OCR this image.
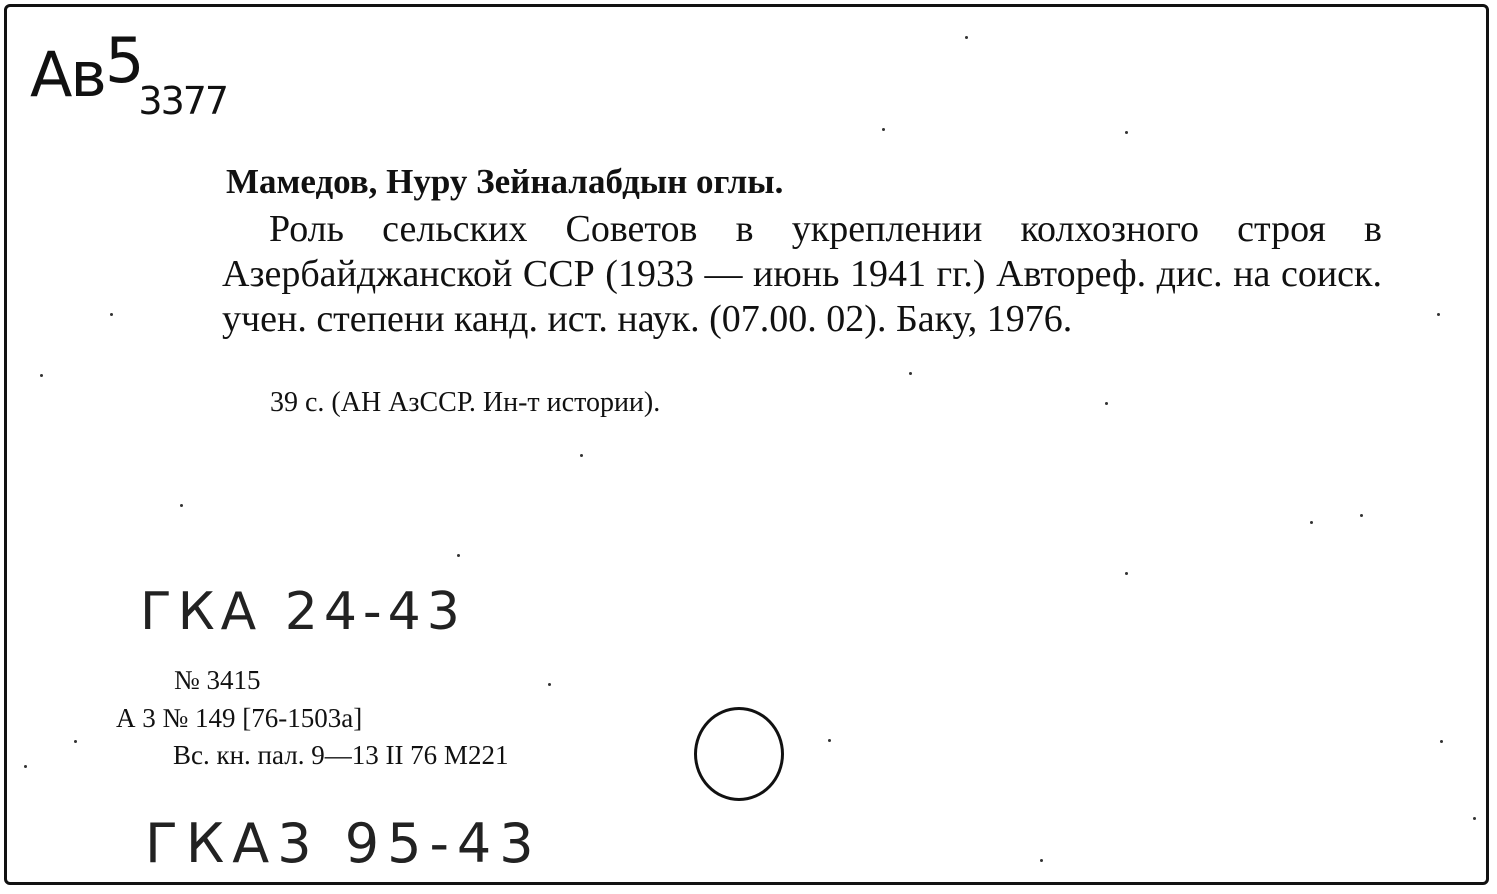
$Ав5_{3377}$
Мамедов, Нуру Зейналабдын оглы.
Роль сельских Советов в укреплении колхозного строя в Азербайджанской ССР (1933 — июнь 1941 гг.) Автореф. дис. на соиск. учен. степени канд. ист. наук. (07.00. 02). Баку, 1976.
39 с. (АН АзССР. Ин-т истории).
ГКА 24-43
№ 3415
А 3 № 149 [76-1503а]
Вс. кн. пал. 9—13 II 76 М221
ГКА3 95-43
